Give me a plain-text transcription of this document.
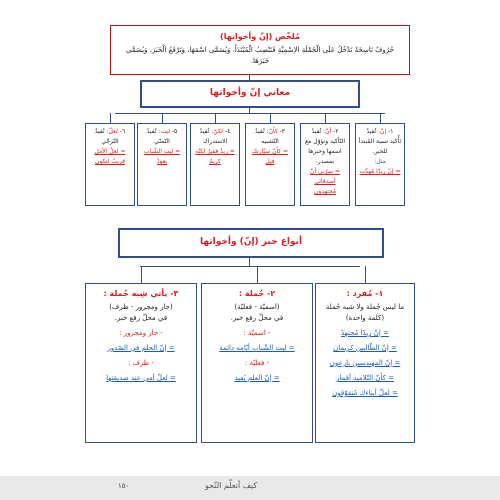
مُلخّص (إنّ وأخواتها)
حُرُوفٌ نَاسِخَةٌ تَدْخُلُ عَلَى الْجُمْلَةِ الاِسْمِيَّةِ فَتَنْصِبُ الْمُبْتَدَأَ، وَيُسَمَّى اسْمَهَا، وَتَرْفَعُ الْخَبَرَ، وَيُسَمَّى خَبَرَهَا.
معاني إنّ وأخواتها
١- إنّ: تُفيدُ
تَأْكيد نسبة المُبتدأ للخبر.
مثل:
= إنّ زيدًا مُهذّب
٢- أنّ: تُفيدُ
التّأكيد وتؤوّل مع اسمها وخبرها بمصدر.
= سرّني أنّ أصدقائي مُجتهدون
٣- كأنّ: تُفيدُ
التّشبيه
= كأنّ سيّارتك فيل
٤- لكنّ: تُفيدُ
الاستدراك
= زيدٌ فقيرٌ لكنّه كريمٌ
٥- ليت: تُفيدُ
التّمنّي
= ليت الشّباب يعودُ
٦- لعلّ: تُفيدُ
التّرجّي
= لعلّ الأمل قريبٌ لتكون
أنواع خبر (إنّ) وأخواتها
١- مُفرد :
ما ليس جُملة ولا شبه جُملة
(كلمة واحدة)
= إنّ زيدًا مُجتهدٌ
= إنّ الطّالبين كريمان
= إنّ المهندسين بارعون
= كأنّ التّلاميذ أقمار
= لعلّ أبناءك مُتفوّقون
٢- جُملة :
(اسميّة - فعليّة)
في محلّ رفع خبر.
- اسميّة :
= ليت الشّباب أيّامه دائمة
- فعليّة :
= إنّ العلم يُفيد
٣- يأتي شِبه جُملة :
(جار ومجرور - ظرف)
في محلّ رفع خبر.
- جار ومجرور :
= إنّ الحلم في الصّدور
- ظرف :
= لعلّ أمي عند صديقتها
١٥٠	كيف أتعلّم النّحو
